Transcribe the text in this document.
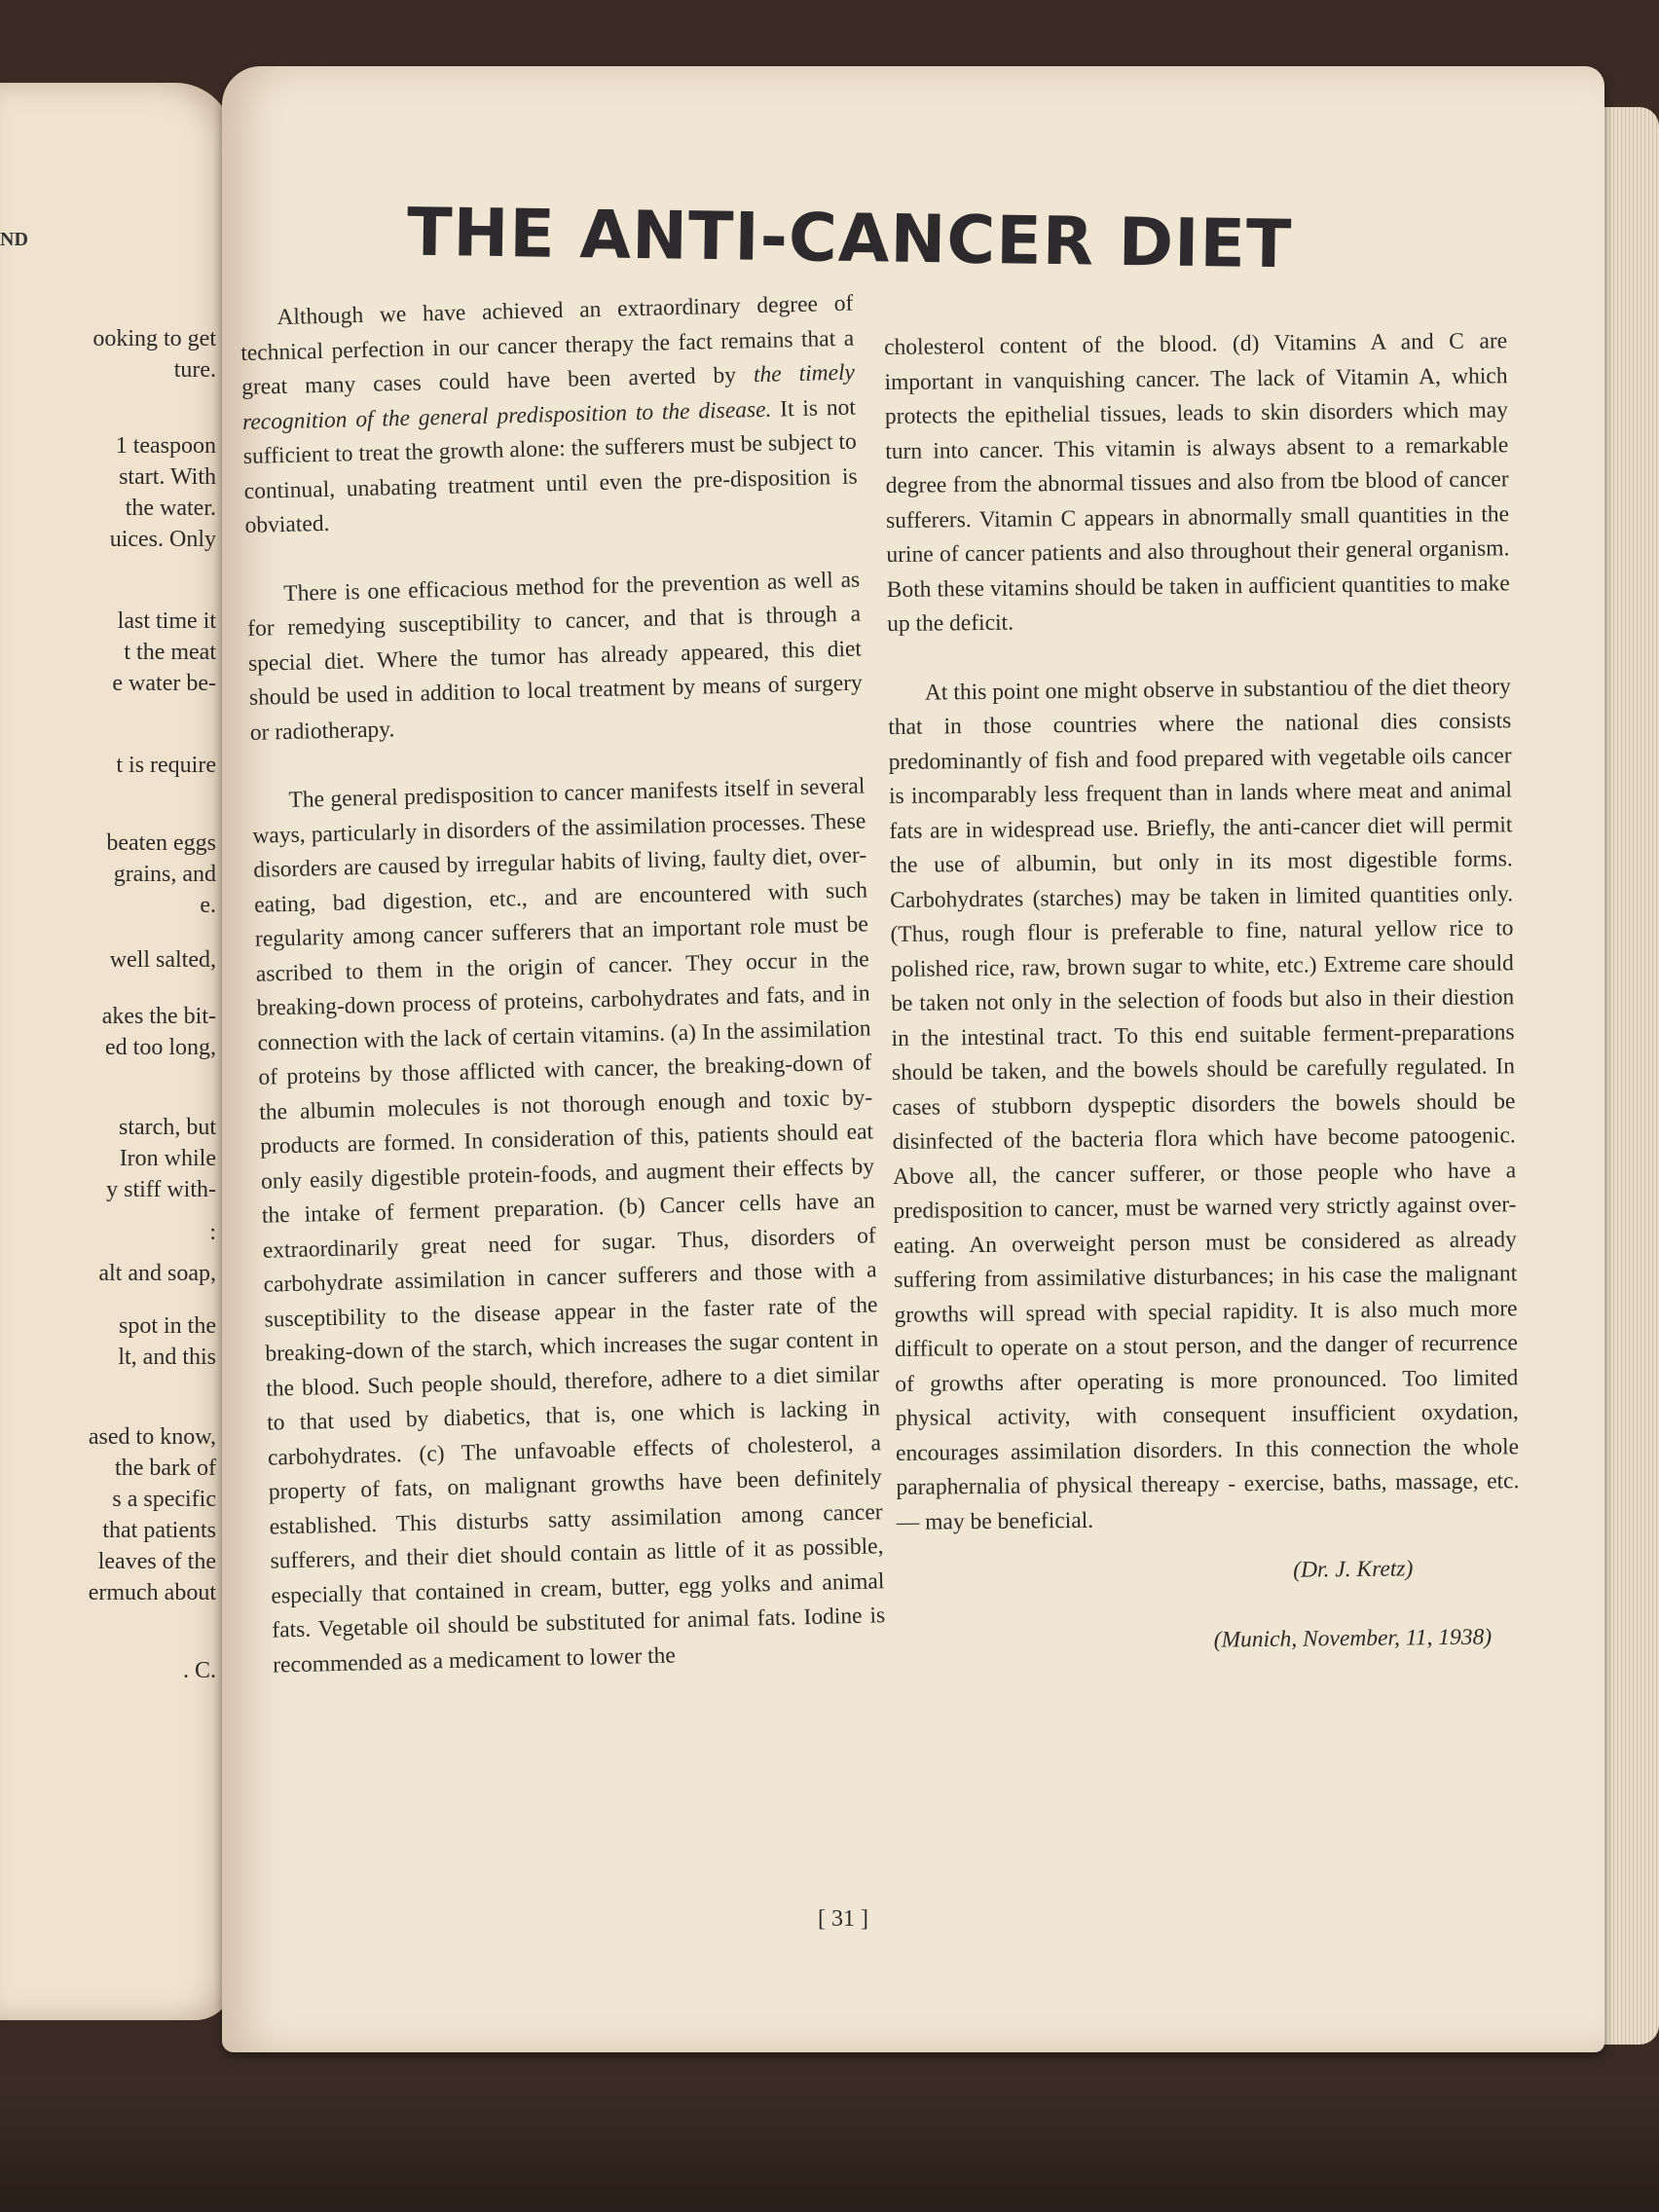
ND
ooking to get
ture.
1 teaspoon
start. With
the water.
uices. Only
last time it
t the meat
e water be-
t is require
beaten eggs
grains, and
e.
well salted,
akes the bit-
ed too long,
starch, but
Iron while
y stiff with-
:
alt and soap,
spot in the
lt, and this
ased to know,
the bark of
s a specific
that patients
leaves of the
ermuch about
. C.
THE ANTI-CANCER DIET

Although we have achieved an extraordinary degree of technical perfection in our cancer therapy the fact remains that a great many cases could have been averted by the timely recognition of the general predisposition to the disease. It is not sufficient to treat the growth alone: the sufferers must be subject to continual, unabating treatment until even the pre-disposition is obviated.

There is one efficacious method for the prevention as well as for remedying susceptibility to cancer, and that is through a special diet. Where the tumor has already appeared, this diet should be used in addition to local treatment by means of surgery or radiotherapy.

The general predisposition to cancer manifests itself in several ways, particularly in disorders of the assimilation processes. These disorders are caused by irregular habits of living, faulty diet, over-eating, bad digestion, etc., and are encountered with such regularity among cancer sufferers that an important role must be ascribed to them in the origin of cancer. They occur in the breaking-down process of proteins, carbohydrates and fats, and in connection with the lack of certain vitamins. (a) In the assimilation of proteins by those afflicted with cancer, the breaking-down of the albumin molecules is not thorough enough and toxic by-products are formed. In consideration of this, patients should eat only easily digestible protein-foods, and augment their effects by the intake of ferment preparation. (b) Cancer cells have an extraordinarily great need for sugar. Thus, disorders of carbohydrate assimilation in cancer sufferers and those with a susceptibility to the disease appear in the faster rate of the breaking-down of the starch, which increases the sugar content in the blood. Such people should, therefore, adhere to a diet similar to that used by diabetics, that is, one which is lacking in carbohydrates. (c) The unfavoable effects of cholesterol, a property of fats, on malignant growths have been definitely established. This disturbs satty assimilation among cancer sufferers, and their diet should contain as little of it as possible, especially that contained in cream, butter, egg yolks and animal fats. Vegetable oil should be substituted for animal fats. Iodine is recommended as a medicament to lower the

cholesterol content of the blood. (d) Vitamins A and C are important in vanquishing cancer. The lack of Vitamin A, which protects the epithelial tissues, leads to skin disorders which may turn into cancer. This vitamin is always absent to a remarkable degree from the abnormal tissues and also from tbe blood of cancer sufferers. Vitamin C appears in abnormally small quantities in the urine of cancer patients and also throughout their general organism. Both these vitamins should be taken in aufficient quantities to make up the deficit.

At this point one might observe in substantiou of the diet theory that in those countries where the national dies consists predominantly of fish and food prepared with vegetable oils cancer is incomparably less frequent than in lands where meat and animal fats are in widespread use. Briefly, the anti-cancer diet will permit the use of albumin, but only in its most digestible forms. Carbohydrates (starches) may be taken in limited quantities only. (Thus, rough flour is preferable to fine, natural yellow rice to polished rice, raw, brown sugar to white, etc.) Extreme care should be taken not only in the selection of foods but also in their diestion in the intestinal tract. To this end suitable ferment-preparations should be taken, and the bowels should be carefully regulated. In cases of stubborn dyspeptic disorders the bowels should be disinfected of the bacteria flora which have become patoogenic. Above all, the cancer sufferer, or those people who have a predisposition to cancer, must be warned very strictly against over-eating. An overweight person must be considered as already suffering from assimilative disturbances; in his case the malignant growths will spread with special rapidity. It is also much more difficult to operate on a stout person, and the danger of recurrence of growths after operating is more pronounced. Too limited physical activity, with consequent insufficient oxydation, encourages assimilation disorders. In this connection the whole paraphernalia of physical thereapy - exercise, baths, massage, etc.— may be beneficial.

(Dr. J. Kretz)

(Munich, November, 11, 1938)

[ 31 ]
